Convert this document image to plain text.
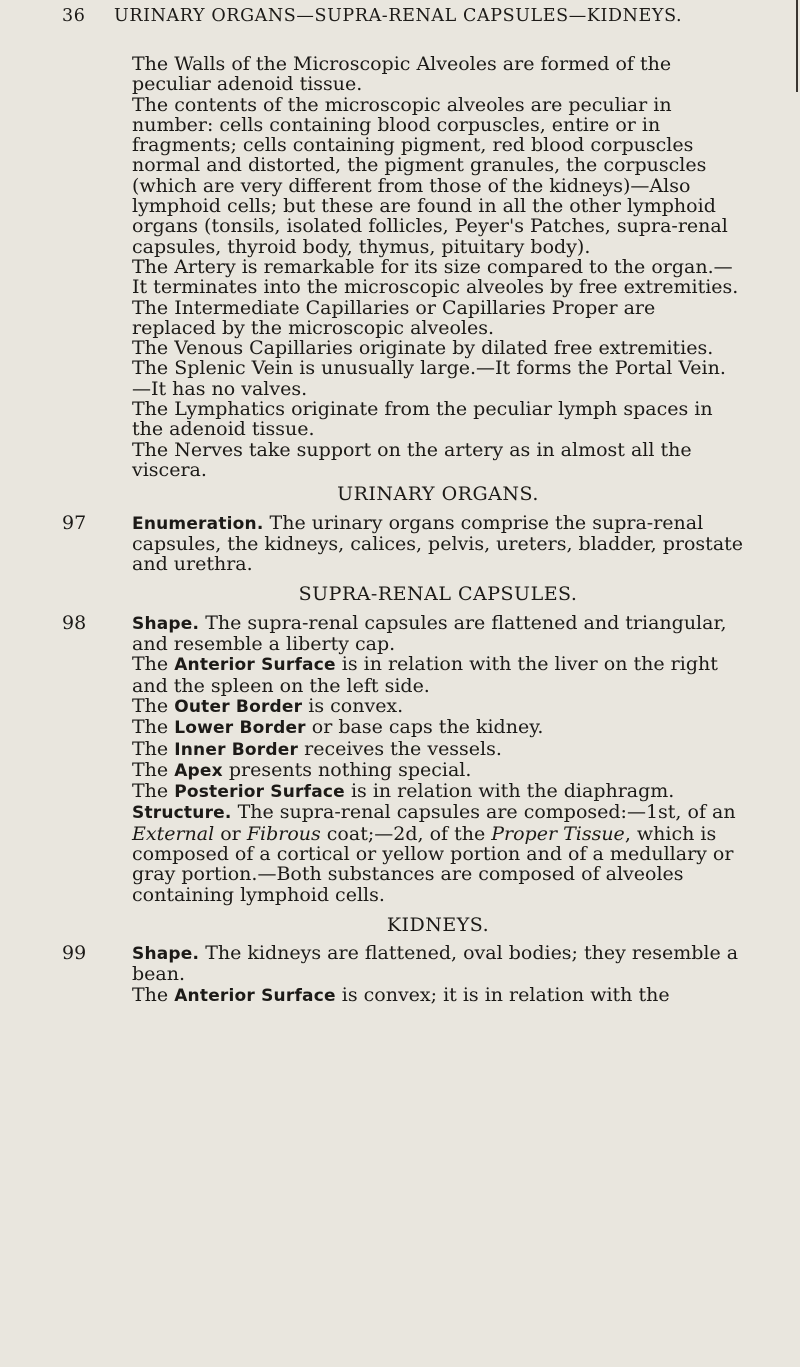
36 URINARY ORGANS—SUPRA-RENAL CAPSULES—KIDNEYS.

The Walls of the Microscopic Alveoles are formed of the peculiar adenoid tissue.

The contents of the microscopic alveoles are peculiar in number: cells containing blood corpuscles, entire or in fragments; cells containing pigment, red blood corpuscles normal and distorted, the pigment granules, the corpuscles (which are very different from those of the kidneys)—Also lymphoid cells; but these are found in all the other lymphoid organs (tonsils, isolated follicles, Peyer's Patches, supra-renal capsules, thyroid body, thymus, pituitary body).

The Artery is remarkable for its size compared to the organ.—It terminates into the microscopic alveoles by free extremities.

The Intermediate Capillaries or Capillaries Proper are replaced by the microscopic alveoles.

The Venous Capillaries originate by dilated free extremities.

The Splenic Vein is unusually large.—It forms the Portal Vein.—It has no valves.

The Lymphatics originate from the peculiar lymph spaces in the adenoid tissue.

The Nerves take support on the artery as in almost all the viscera.

URINARY ORGANS.

97	Enumeration. The urinary organs comprise the supra-renal capsules, the kidneys, calices, pelvis, ureters, bladder, prostate and urethra.

SUPRA-RENAL CAPSULES.

98	Shape. The supra-renal capsules are flattened and triangular, and resemble a liberty cap.

The Anterior Surface is in relation with the liver on the right and the spleen on the left side.

The Outer Border is convex.

The Lower Border or base caps the kidney.

The Inner Border receives the vessels.

The Apex presents nothing special.

The Posterior Surface is in relation with the diaphragm.

Structure. The supra-renal capsules are composed:—1st, of an External or Fibrous coat;—2d, of the Proper Tissue, which is composed of a cortical or yellow portion and of a medullary or gray portion.—Both substances are composed of alveoles containing lymphoid cells.

KIDNEYS.

99	Shape. The kidneys are flattened, oval bodies; they resemble a bean.

The Anterior Surface is convex; it is in relation with the
